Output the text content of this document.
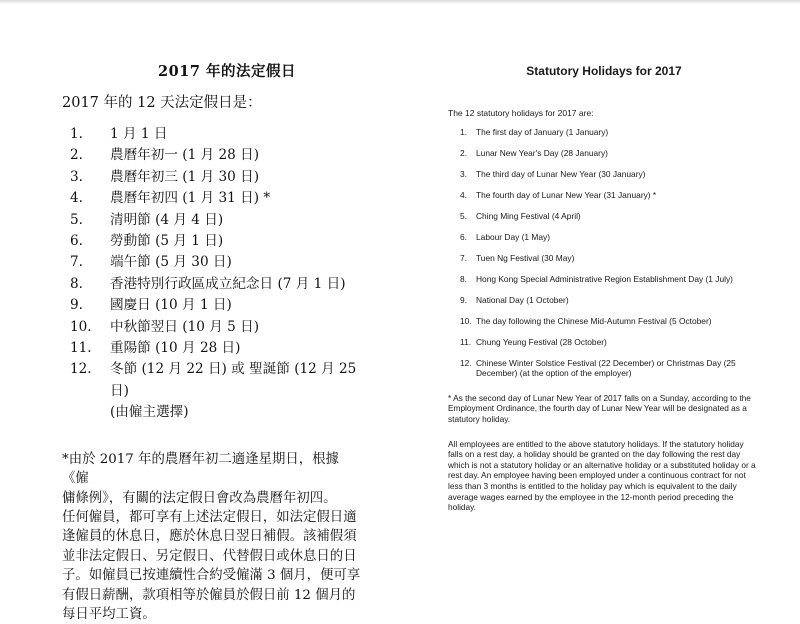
2017 年的法定假日
2017 年的 12 天法定假日是：
1.	1 月 1 日
2.	農曆年初一 (1 月 28 日)
3.	農曆年初三 (1 月 30 日)
4.	農曆年初四 (1 月 31 日) *
5.	清明節 (4 月 4 日)
6.	勞動節 (5 月 1 日)
7.	端午節 (5 月 30 日)
8.	香港特別行政區成立紀念日 (7 月 1 日)
9.	國慶日 (10 月 1 日)
10.	中秋節翌日 (10 月 5 日)
11.	重陽節 (10 月 28 日)
12.	冬節 (12 月 22 日) 或 聖誕節 (12 月 25 日)
(由僱主選擇)

*由於 2017 年的農曆年初二適逢星期日，根據《僱

傭條例》，有關的法定假日會改為農曆年初四。

任何僱員，都可享有上述法定假日，如法定假日適

逢僱員的休息日，應於休息日翌日補假。該補假須

並非法定假日、另定假日、代替假日或休息日的日

子。如僱員已按連續性合約受僱滿 3 個月，便可享

有假日薪酬，款項相等於僱員於假日前 12 個月的

每日平均工資。

Statutory Holidays for 2017
The 12 statutory holidays for 2017 are:
1.	The first day of January (1 January)
2.	Lunar New Year's Day (28 January)
3.	The third day of Lunar New Year (30 January)
4.	The fourth day of Lunar New Year (31 January) *
5.	Ching Ming Festival (4 April)
6.	Labour Day (1 May)
7.	Tuen Ng Festival (30 May)
8.	Hong Kong Special Administrative Region Establishment Day (1 July)
9.	National Day (1 October)
10. The day following the Chinese Mid-Autumn Festival (5 October)
11. Chung Yeung Festival (28 October)
12. Chinese Winter Solstice Festival (22 December) or Christmas Day (25 December) (at the option of the employer)

* As the second day of Lunar New Year of 2017 falls on a Sunday, according to the Employment Ordinance, the fourth day of Lunar New Year will be designated as a statutory holiday.

All employees are entitled to the above statutory holidays. If the statutory holiday falls on a rest day, a holiday should be granted on the day following the rest day which is not a statutory holiday or an alternative holiday or a substituted holiday or a rest day. An employee having been employed under a continuous contract for not less than 3 months is entitled to the holiday pay which is equivalent to the daily average wages earned by the employee in the 12-month period preceding the holiday.
